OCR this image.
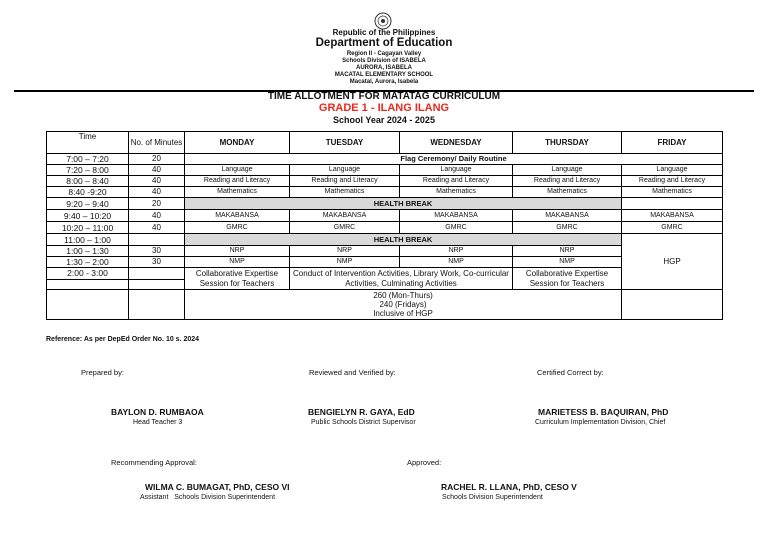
Republic of the Philippines
Department of Education
Region II - Cagayan Valley
Schools Division of ISABELA
AURORA, ISABELA
MACATAL ELEMENTARY SCHOOL
Macatal, Aurora, Isabela
TIME ALLOTMENT FOR MATATAG CURRICULUM
GRADE 1 - ILANG ILANG
School Year 2024 - 2025
Time	No. of Minutes	MONDAY	TUESDAY	WEDNESDAY	THURSDAY	FRIDAY
7:00 – 7:20	20	Flag Ceremony/ Daily Routine				
7:20 – 8:00	40	Language	Language	Language	Language	Language
8:00 – 8:40	40	Reading and Literacy	Reading and Literacy	Reading and Literacy	Reading and Literacy	Reading and Literacy
8:40 -9:20	40	Mathematics	Mathematics	Mathematics	Mathematics	Mathematics
9:20 – 9:40	20	HEALTH BREAK				
9:40 – 10:20	40	MAKABANSA	MAKABANSA	MAKABANSA	MAKABANSA	MAKABANSA
10:20 – 11:00	40	GMRC	GMRC	GMRC	GMRC	GMRC
11:00 – 1:00		HEALTH BREAK				HGP
1:00 – 1:30	30	NRP	NRP	NRP	NRP	
1:30 – 2:00	30	NMP	NMP	NMP	NMP	
2:00 - 3:00		Collaborative Expertise Session for Teachers	Conduct of Intervention Activities, Library Work, Co-curricular Activities, Culminating Activities		Collaborative Expertise Session for Teachers	

		260 (Mon-Thurs)
240 (Fridays)
Inclusive of HGP				

Reference: As per DepEd Order No. 10 s. 2024
Prepared by:	Reviewed and Verified by:	Certified Correct by:
BAYLON D. RUMBAOA	BENGIELYN R. GAYA, EdD	MARIETESS B. BAQUIRAN, PhD
Head Teacher 3	Public Schools District Supervisor	Curriculum Implementation Division, Chief
Recommending Approval:	Approved:
WILMA C. BUMAGAT, PhD, CESO VI	RACHEL R. LLANA, PhD, CESO V
Assistant   Schools Division Superintendent	Schools Division Superintendent
